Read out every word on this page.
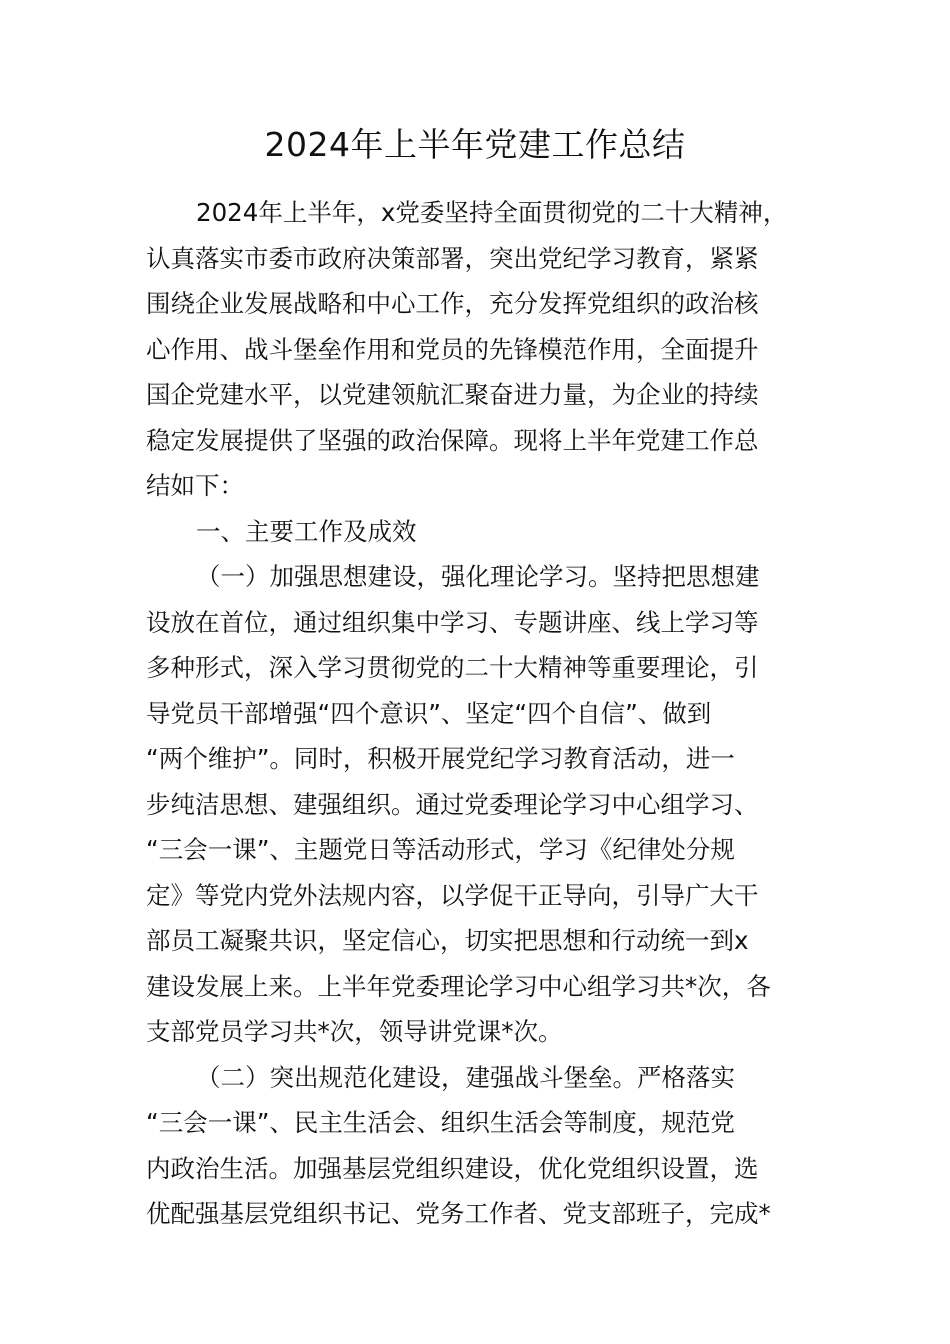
2024年上半年党建工作总结
2024年上半年，x党委坚持全面贯彻党的二十大精神，
认真落实市委市政府决策部署，突出党纪学习教育，紧紧
围绕企业发展战略和中心工作，充分发挥党组织的政治核
心作用、战斗堡垒作用和党员的先锋模范作用，全面提升
国企党建水平，以党建领航汇聚奋进力量，为企业的持续
稳定发展提供了坚强的政治保障。现将上半年党建工作总
结如下：
一、主要工作及成效
（一）加强思想建设，强化理论学习。坚持把思想建
设放在首位，通过组织集中学习、专题讲座、线上学习等
多种形式，深入学习贯彻党的二十大精神等重要理论，引
导党员干部增强“四个意识”、坚定“四个自信”、做到
“两个维护”。同时，积极开展党纪学习教育活动，进一
步纯洁思想、建强组织。通过党委理论学习中心组学习、
“三会一课”、主题党日等活动形式，学习《纪律处分规
定》等党内党外法规内容，以学促干正导向，引导广大干
部员工凝聚共识，坚定信心，切实把思想和行动统一到x
建设发展上来。上半年党委理论学习中心组学习共*次，各
支部党员学习共*次，领导讲党课*次。
（二）突出规范化建设，建强战斗堡垒。严格落实
“三会一课”、民主生活会、组织生活会等制度，规范党
内政治生活。加强基层党组织建设，优化党组织设置，选
优配强基层党组织书记、党务工作者、党支部班子，完成*
